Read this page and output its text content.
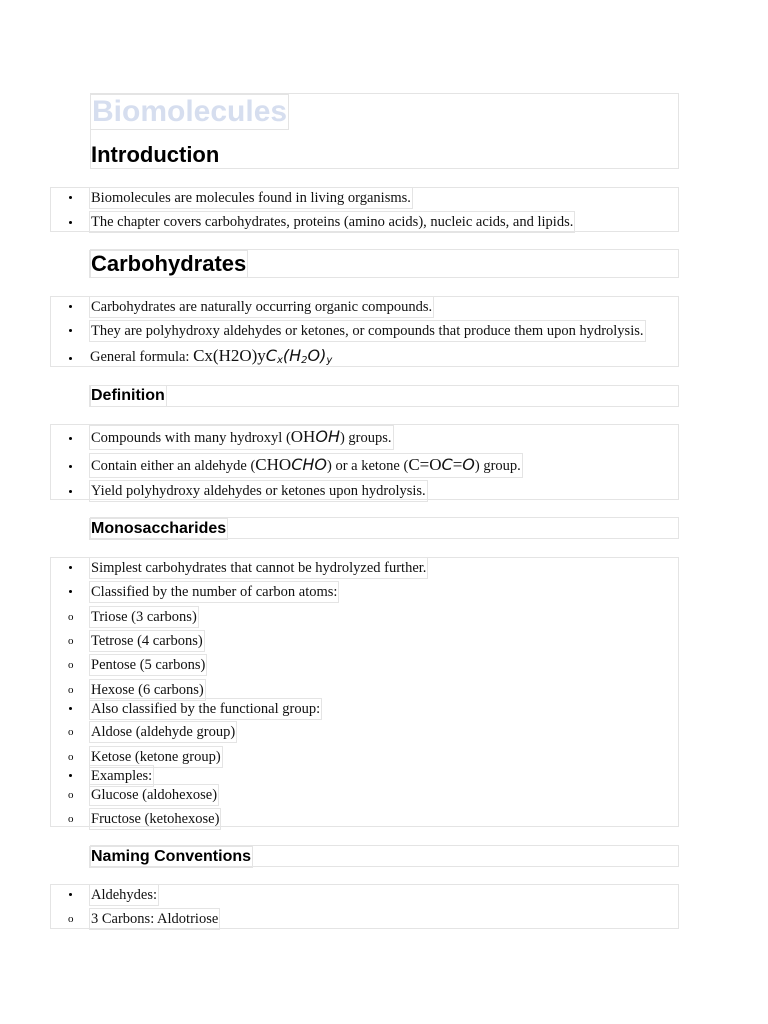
Biomolecules
Introduction
Biomolecules are molecules found in living organisms.
The chapter covers carbohydrates, proteins (amino acids), nucleic acids, and lipids.
Carbohydrates
Carbohydrates are naturally occurring organic compounds.
They are polyhydroxy aldehydes or ketones, or compounds that produce them upon hydrolysis.
General formula: $Cx(H2O)yC_x(H_2O)_y$
Definition
Compounds with many hydroxyl (OHOH) groups.
Contain either an aldehyde (CHOCHO) or a ketone (C=OC=O) group.
Yield polyhydroxy aldehydes or ketones upon hydrolysis.
Monosaccharides
Simplest carbohydrates that cannot be hydrolyzed further.
Classified by the number of carbon atoms:
o Triose (3 carbons)
o Tetrose (4 carbons)
o Pentose (5 carbons)
o Hexose (6 carbons)
Also classified by the functional group:
o Aldose (aldehyde group)
o Ketose (ketone group)
Examples:
o Glucose (aldohexose)
o Fructose (ketohexose)
Naming Conventions
Aldehydes:
o 3 Carbons: Aldotriose
